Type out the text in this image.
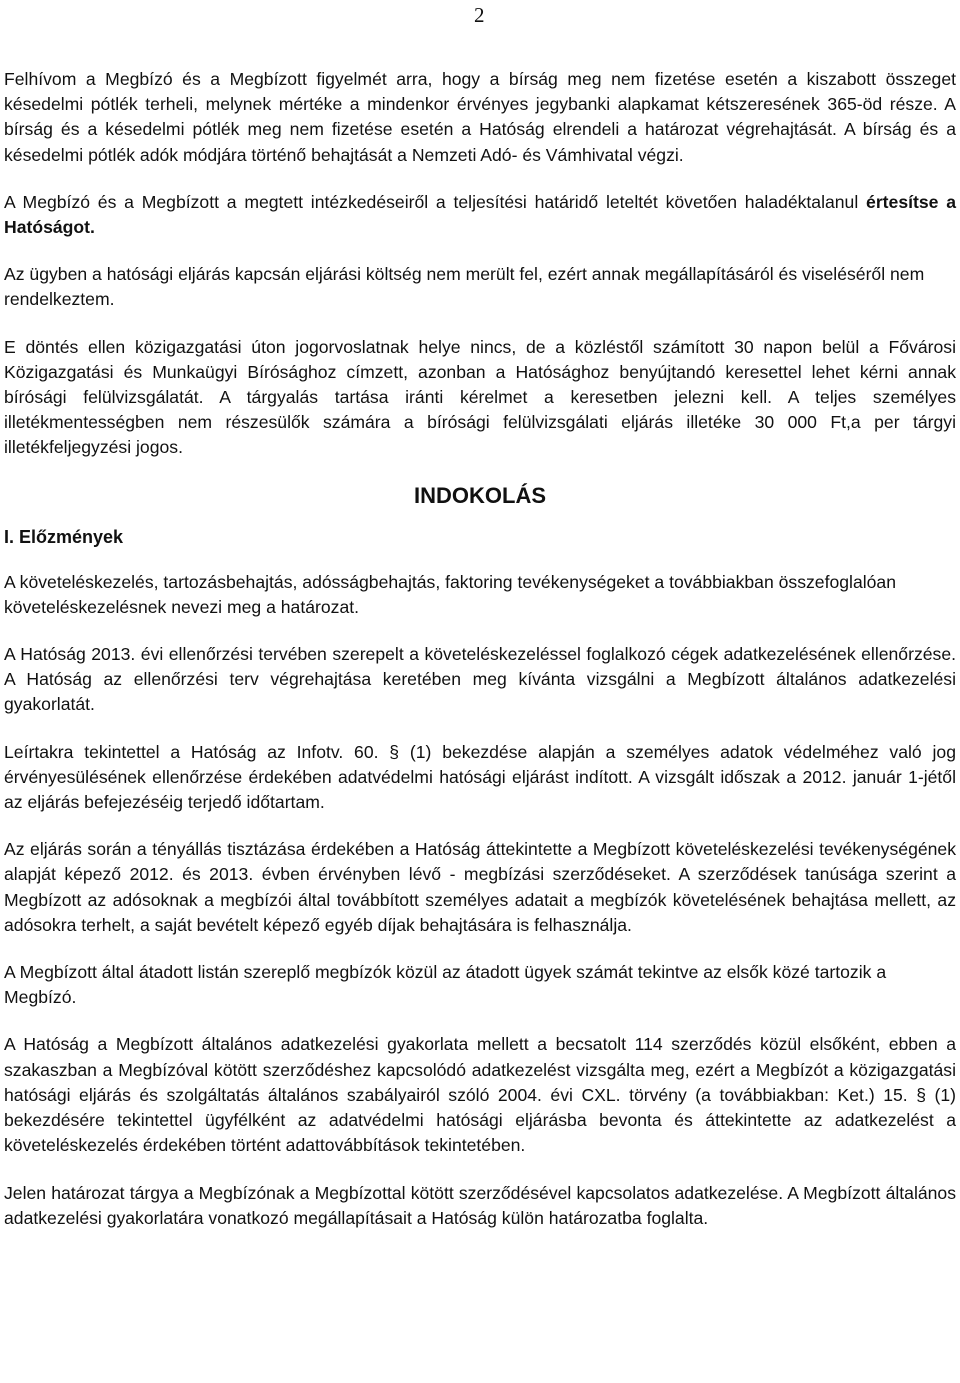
2

Felhívom a Megbízó és a Megbízott figyelmét arra, hogy a bírság meg nem fizetése esetén a kiszabott összeget késedelmi pótlék terheli, melynek mértéke a mindenkor érvényes jegybanki alapkamat kétszeresének 365-öd része. A bírság és a késedelmi pótlék meg nem fizetése esetén a Hatóság elrendeli a határozat végrehajtását. A bírság és a késedelmi pótlék adók módjára történő behajtását a Nemzeti Adó- és Vámhivatal végzi.

A Megbízó és a Megbízott a megtett intézkedéseiről a teljesítési határidő leteltét követően haladéktalanul értesítse a Hatóságot.

Az ügyben a hatósági eljárás kapcsán eljárási költség nem merült fel, ezért annak megállapításáról és viseléséről nem rendelkeztem.

E döntés ellen közigazgatási úton jogorvoslatnak helye nincs, de a közléstől számított 30 napon belül a Fővárosi Közigazgatási és Munkaügyi Bírósághoz címzett, azonban a Hatósághoz benyújtandó keresettel lehet kérni annak bírósági felülvizsgálatát. A tárgyalás tartása iránti kérelmet a keresetben jelezni kell. A teljes személyes illetékmentességben nem részesülők számára a bírósági felülvizsgálati eljárás illetéke 30 000 Ft,a per tárgyi illetékfeljegyzési jogos.

INDOKOLÁS
I. Előzmények

A követeléskezelés, tartozásbehajtás, adósságbehajtás, faktoring tevékenységeket a továbbiakban összefoglalóan követeléskezelésnek nevezi meg a határozat.

A Hatóság 2013. évi ellenőrzési tervében szerepelt a követeléskezeléssel foglalkozó cégek adatkezelésének ellenőrzése. A Hatóság az ellenőrzési terv végrehajtása keretében meg kívánta vizsgálni a Megbízott általános adatkezelési gyakorlatát.

Leírtakra tekintettel a Hatóság az Infotv. 60. § (1) bekezdése alapján a személyes adatok védelméhez való jog érvényesülésének ellenőrzése érdekében adatvédelmi hatósági eljárást indított. A vizsgált időszak a 2012. január 1-jétől az eljárás befejezéséig terjedő időtartam.

Az eljárás során a tényállás tisztázása érdekében a Hatóság áttekintette a Megbízott követeléskezelési tevékenységének alapját képező 2012. és 2013. évben érvényben lévő - megbízási szerződéseket. A szerződések tanúsága szerint a Megbízott az adósoknak a megbízói által továbbított személyes adatait a megbízók követelésének behajtása mellett, az adósokra terhelt, a saját bevételt képező egyéb díjak behajtására is felhasználja.

A Megbízott által átadott listán szereplő megbízók közül az átadott ügyek számát tekintve az elsők közé tartozik a Megbízó.

A Hatóság a Megbízott általános adatkezelési gyakorlata mellett a becsatolt 114 szerződés közül elsőként, ebben a szakaszban a Megbízóval kötött szerződéshez kapcsolódó adatkezelést vizsgálta meg, ezért a Megbízót a közigazgatási hatósági eljárás és szolgáltatás általános szabályairól szóló 2004. évi CXL. törvény (a továbbiakban: Ket.) 15. § (1) bekezdésére tekintettel ügyfélként az adatvédelmi hatósági eljárásba bevonta és áttekintette az adatkezelést a követeléskezelés érdekében történt adattovábbítások tekintetében.

Jelen határozat tárgya a Megbízónak a Megbízottal kötött szerződésével kapcsolatos adatkezelése. A Megbízott általános adatkezelési gyakorlatára vonatkozó megállapításait a Hatóság külön határozatba foglalta.
